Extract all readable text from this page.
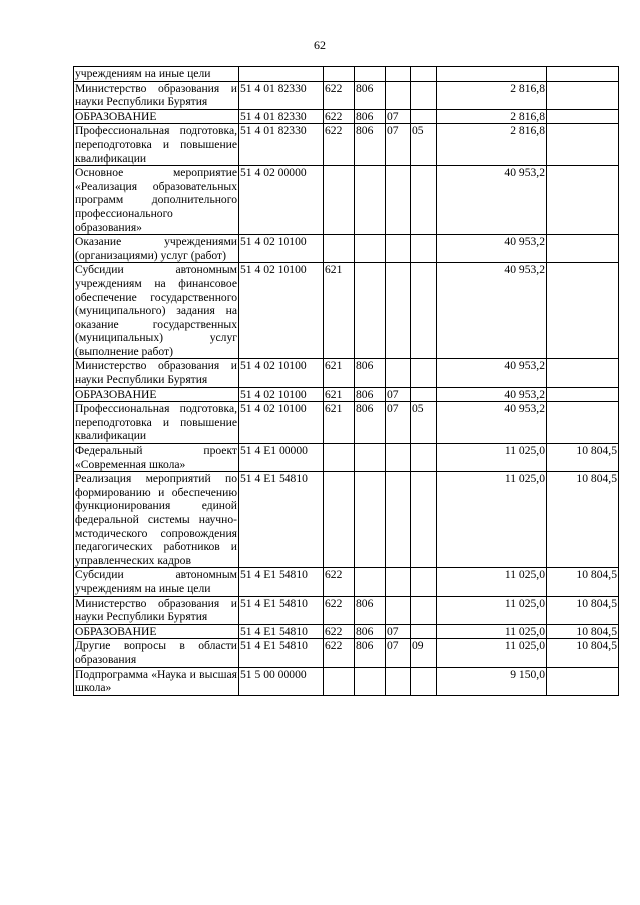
62
учреждениям на иные цели							
Министерство образования и науки Республики Бурятия	51 4 01 82330	622	806			2 816,8	
ОБРАЗОВАНИЕ	51 4 01 82330	622	806	07		2 816,8	
Профессиональная подготовка, переподготовка и повышение квалификации	51 4 01 82330	622	806	07	05	2 816,8	
Основное мероприятие «Реализация образовательных программ дополнительного профессионального образования»	51 4 02 00000					40 953,2	
Оказание учреждениями (организациями) услуг (работ)	51 4 02 10100					40 953,2	
Субсидии автономным учреждениям на финансовое обеспечение государственного (муниципального) задания на оказание государственных (муниципальных) услуг (выполнение работ)	51 4 02 10100	621				40 953,2	
Министерство образования и науки Республики Бурятия	51 4 02 10100	621	806			40 953,2	
ОБРАЗОВАНИЕ	51 4 02 10100	621	806	07		40 953,2	
Профессиональная подготовка, переподготовка и повышение квалификации	51 4 02 10100	621	806	07	05	40 953,2	
Федеральный проект «Современная школа»	51 4 E1 00000					11 025,0	10 804,5
Реализация мероприятий по формированию и обеспечению функционирования единой федеральной системы научно-мстодического сопровождения педагогических работников и управленческих кадров	51 4 E1 54810					11 025,0	10 804,5
Субсидии автономным учреждениям на иные цели	51 4 E1 54810	622				11 025,0	10 804,5
Министерство образования и науки Республики Бурятия	51 4 E1 54810	622	806			11 025,0	10 804,5
ОБРАЗОВАНИЕ	51 4 E1 54810	622	806	07		11 025,0	10 804,5
Другие вопросы в области образования	51 4 E1 54810	622	806	07	09	11 025,0	10 804,5
Подпрограмма «Наука и высшая школа»	51 5 00 00000					9 150,0	
